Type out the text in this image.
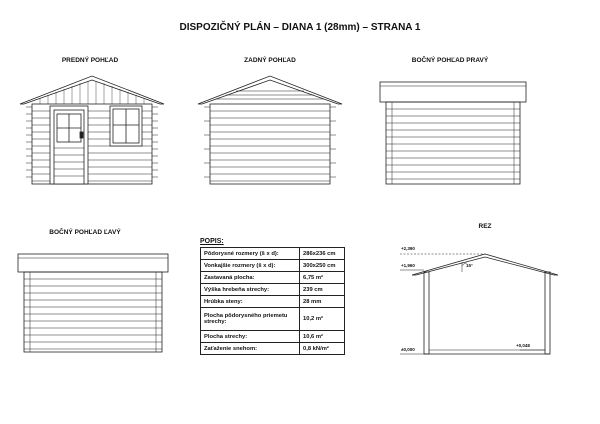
DISPOZIČNÝ PLÁN – DIANA 1 (28mm) – STRANA 1
PREDNÝ POHĽAD	ZADNÝ POHĽAD	BOČNÝ POHĽAD PRAVÝ
BOČNÝ POHĽAD ĽAVÝ
REZ
+2,390
+1,960
±0,000
+0,048
15°
POPIS:
Pôdorysné rozmery (š x d):	286x236 cm
Vonkajšie rozmery (š x d):	300x250 cm
Zastavaná plocha:	6,75 m²
Výška hrebeňa strechy:	239 cm
Hrúbka steny:	28 mm
Plocha pôdorysného priemetu strechy:	10,2 m²
Plocha strechy:	10,6 m²
Zaťaženie snehom:	0,8 kN/m²
